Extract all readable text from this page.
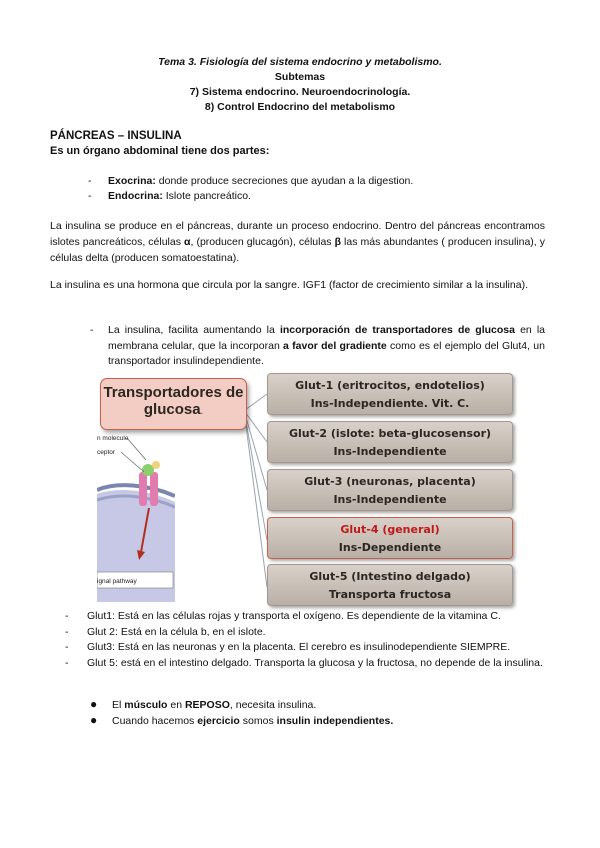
Tema 3. Fisiología del sistema endocrino y metabolismo.
Subtemas
7) Sistema endocrino. Neuroendocrinología.
8) Control Endocrino del metabolismo
PÁNCREAS – INSULINA
Es un órgano abdominal tiene dos partes:
- Exocrina: donde produce secreciones que ayudan a la digestion.
- Endocrina: Islote pancreático.
La insulina se produce en el páncreas, durante un proceso endocrino. Dentro del páncreas encontramos islotes pancreáticos, células α, (producen glucagón), células β las más abundantes ( producen insulina), y células delta (producen somatoestatina).
La insulina es una hormona que circula por la sangre. IGF1 (factor de crecimiento similar a la insulina).
- La insulina, facilita aumentando la incorporación de transportadores de glucosa en la membrana celular, que la incorporan a favor del gradiente como es el ejemplo del Glut4, un transportador insulindependiente.
n molecule
ceptor
ignal pathway
Transportadores de
glucosa.
Glut-1 (eritrocitos, endotelios)
Ins-Independiente. Vit. C.
Glut-2 (islote: beta-glucosensor)
Ins-Independiente
Glut-3 (neuronas, placenta)
Ins-Independiente
Glut-4 (general)
Ins-Dependiente
Glut-5 (Intestino delgado)
Transporta fructosa
- Glut1: Está en las células rojas y transporta el oxígeno. Es dependiente de la vitamina C.
- Glut 2: Está en la célula b, en el islote.
- Glut3: Está en las neuronas y en la placenta. El cerebro es insulinodependiente SIEMPRE.
- Glut 5: está en el intestino delgado. Transporta la glucosa y la fructosa, no depende de la insulina.
● El músculo en REPOSO, necesita insulina.
● Cuando hacemos ejercicio somos insulin independientes.
